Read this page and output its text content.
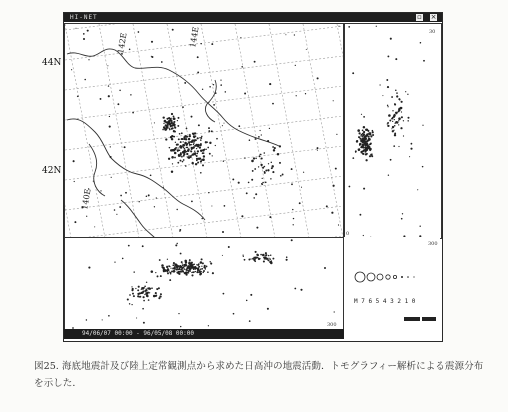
HI-NET	▫ ×
142E	144E
140E
30
0
300
300
M 7 6 5 4 3 2 1 0
94/06/07 00:00 - 96/05/08 00:00
44N
42N
図25. 海底地震計及び陸上定常観測点から求めた日高沖の地震活動．トモグラフィー解析による震源分布を示した．
